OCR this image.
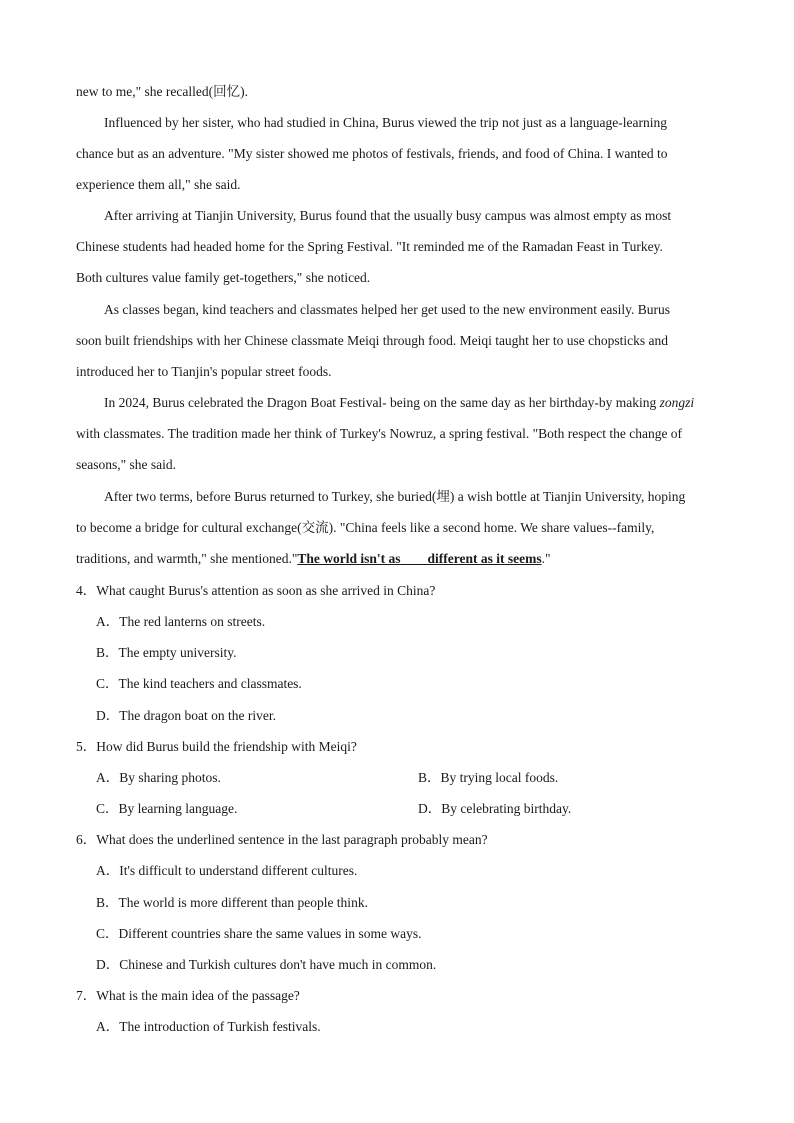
new to me," she recalled(回忆).
Influenced by her sister, who had studied in China, Burus viewed the trip not just as a language-learning
chance but as an adventure. "My sister showed me photos of festivals, friends, and food of China. I wanted to
experience them all," she said.
After arriving at Tianjin University, Burus found that the usually busy campus was almost empty as most
Chinese students had headed home for the Spring Festival. "It reminded me of the Ramadan Feast in Turkey.
Both cultures value family get-togethers," she noticed.
As classes began, kind teachers and classmates helped her get used to the new environment easily. Burus
soon built friendships with her Chinese classmate Meiqi through food. Meiqi taught her to use chopsticks and
introduced her to Tianjin's popular street foods.
In 2024, Burus celebrated the Dragon Boat Festival- being on the same day as her birthday-by making zongzi
with classmates. The tradition made her think of Turkey's Nowruz, a spring festival. "Both respect the change of
seasons," she said.
After two terms, before Burus returned to Turkey, she buried(埋) a wish bottle at Tianjin University, hoping
to become a bridge for cultural exchange(交流). "China feels like a second home. We share values--family,
traditions, and warmth," she mentioned."The world isn't as        different as it seems."
4．What caught Burus's attention as soon as she arrived in China?
A．The red lanterns on streets.
B．The empty university.
C．The kind teachers and classmates.
D．The dragon boat on the river.
5．How did Burus build the friendship with Meiqi?
A．By sharing photos.	B．By trying local foods.
C．By learning language.	D．By celebrating birthday.
6．What does the underlined sentence in the last paragraph probably mean?
A．It's difficult to understand different cultures.
B．The world is more different than people think.
C．Different countries share the same values in some ways.
D．Chinese and Turkish cultures don't have much in common.
7．What is the main idea of the passage?
A．The introduction of Turkish festivals.
